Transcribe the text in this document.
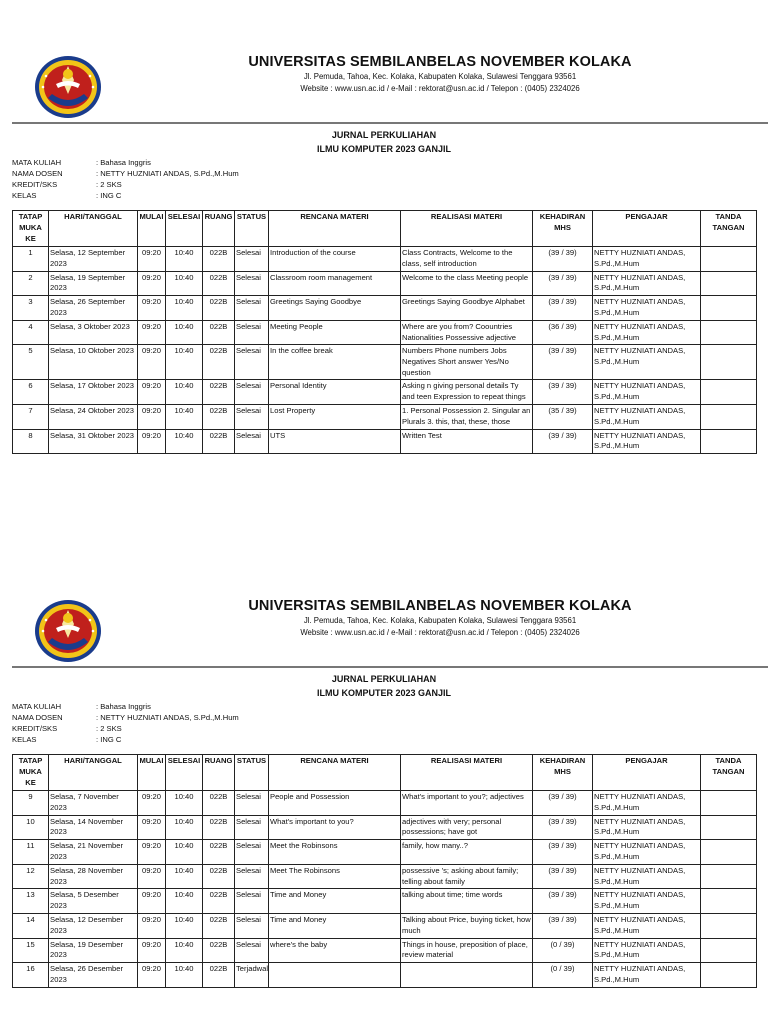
UNIVERSITAS SEMBILANBELAS NOVEMBER KOLAKA
Jl. Pemuda, Tahoa, Kec. Kolaka, Kabupaten Kolaka, Sulawesi Tenggara 93561
Website : www.usn.ac.id / e-Mail : rektorat@usn.ac.id / Telepon : (0405) 2324026
JURNAL PERKULIAHAN
ILMU KOMPUTER 2023 GANJIL
MATA KULIAH	: Bahasa Inggris
NAMA DOSEN	: NETTY HUZNIATI ANDAS, S.Pd.,M.Hum
KREDIT/SKS	: 2 SKS
KELAS	: ING C
TATAP MUKA KE	HARI/TANGGAL	MULAI	SELESAI	RUANG	STATUS	RENCANA MATERI	REALISASI MATERI	KEHADIRAN MHS	PENGAJAR	TANDA TANGAN
1	Selasa, 12 September 2023	09:20	10:40	022B	Selesai	Introduction of the course	Class Contracts, Welcome to the class, self introduction	(39 / 39)	NETTY HUZNIATI ANDAS, S.Pd.,M.Hum	
2	Selasa, 19 September 2023	09:20	10:40	022B	Selesai	Classroom room management	Welcome to the class Meeting people	(39 / 39)	NETTY HUZNIATI ANDAS, S.Pd.,M.Hum	
3	Selasa, 26 September 2023	09:20	10:40	022B	Selesai	Greetings Saying Goodbye	Greetings Saying Goodbye Alphabet	(39 / 39)	NETTY HUZNIATI ANDAS, S.Pd.,M.Hum	
4	Selasa, 3 Oktober 2023	09:20	10:40	022B	Selesai	Meeting People	Where are you from? Coountries Nationalities Possessive adjective	(36 / 39)	NETTY HUZNIATI ANDAS, S.Pd.,M.Hum	
5	Selasa, 10 Oktober 2023	09:20	10:40	022B	Selesai	In the coffee break	Numbers Phone numbers Jobs Negatives Short answer Yes/No question	(39 / 39)	NETTY HUZNIATI ANDAS, S.Pd.,M.Hum	
6	Selasa, 17 Oktober 2023	09:20	10:40	022B	Selesai	Personal Identity	Asking n giving personal details Ty and teen Expression to repeat things	(39 / 39)	NETTY HUZNIATI ANDAS, S.Pd.,M.Hum	
7	Selasa, 24 Oktober 2023	09:20	10:40	022B	Selesai	Lost Property	1. Personal Possession 2. Singular an Plurals 3. this, that, these, those	(35 / 39)	NETTY HUZNIATI ANDAS, S.Pd.,M.Hum	
8	Selasa, 31 Oktober 2023	09:20	10:40	022B	Selesai	UTS	Written Test	(39 / 39)	NETTY HUZNIATI ANDAS, S.Pd.,M.Hum	
UNIVERSITAS SEMBILANBELAS NOVEMBER KOLAKA
Jl. Pemuda, Tahoa, Kec. Kolaka, Kabupaten Kolaka, Sulawesi Tenggara 93561
Website : www.usn.ac.id / e-Mail : rektorat@usn.ac.id / Telepon : (0405) 2324026
JURNAL PERKULIAHAN
ILMU KOMPUTER 2023 GANJIL
MATA KULIAH	: Bahasa Inggris
NAMA DOSEN	: NETTY HUZNIATI ANDAS, S.Pd.,M.Hum
KREDIT/SKS	: 2 SKS
KELAS	: ING C
TATAP MUKA KE	HARI/TANGGAL	MULAI	SELESAI	RUANG	STATUS	RENCANA MATERI	REALISASI MATERI	KEHADIRAN MHS	PENGAJAR	TANDA TANGAN
9	Selasa, 7 November 2023	09:20	10:40	022B	Selesai	People and Possession	What's important to you?; adjectives	(39 / 39)	NETTY HUZNIATI ANDAS, S.Pd.,M.Hum	
10	Selasa, 14 November 2023	09:20	10:40	022B	Selesai	What's important to you?	adjectives with very; personal possessions; have got	(39 / 39)	NETTY HUZNIATI ANDAS, S.Pd.,M.Hum	
11	Selasa, 21 November 2023	09:20	10:40	022B	Selesai	Meet the Robinsons	family, how many..?	(39 / 39)	NETTY HUZNIATI ANDAS, S.Pd.,M.Hum	
12	Selasa, 28 November 2023	09:20	10:40	022B	Selesai	Meet The Robinsons	possessive 's; asking about family; telling about family	(39 / 39)	NETTY HUZNIATI ANDAS, S.Pd.,M.Hum	
13	Selasa, 5 Desember 2023	09:20	10:40	022B	Selesai	Time and Money	talking about time; time words	(39 / 39)	NETTY HUZNIATI ANDAS, S.Pd.,M.Hum	
14	Selasa, 12 Desember 2023	09:20	10:40	022B	Selesai	Time and Money	Talking about Price, buying ticket, how much	(39 / 39)	NETTY HUZNIATI ANDAS, S.Pd.,M.Hum	
15	Selasa, 19 Desember 2023	09:20	10:40	022B	Selesai	where's the baby	Things in house, preposition of place, review material	(0 / 39)	NETTY HUZNIATI ANDAS, S.Pd.,M.Hum	
16	Selasa, 26 Desember 2023	09:20	10:40	022B	Terjadwal			(0 / 39)	NETTY HUZNIATI ANDAS, S.Pd.,M.Hum	
